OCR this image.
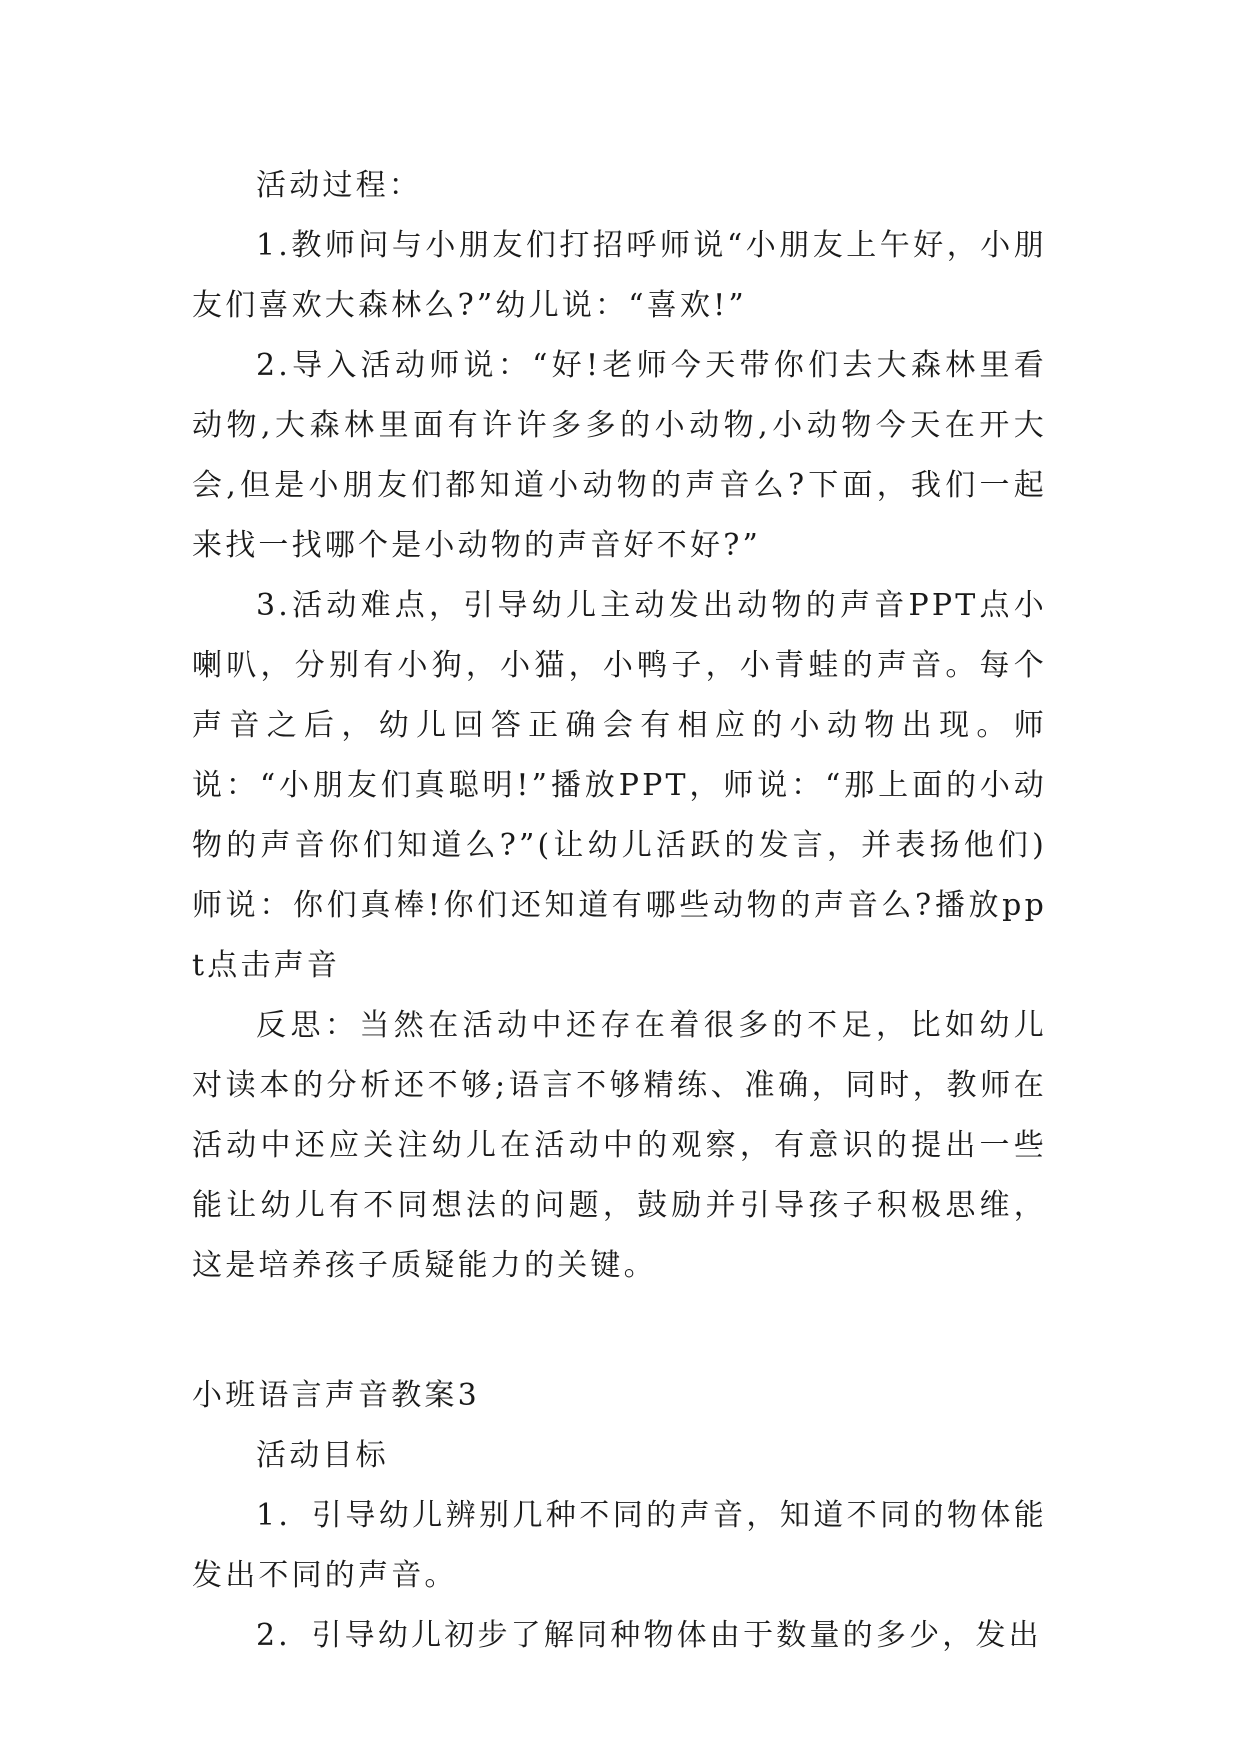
活动过程：

1.教师问与小朋友们打招呼师说“小朋友上午好，小朋友们喜欢大森林么?”幼儿说：“喜欢!”

2.导入活动师说：“好!老师今天带你们去大森林里看动物,大森林里面有许许多多的小动物,小动物今天在开大会,但是小朋友们都知道小动物的声音么?下面，我们一起来找一找哪个是小动物的声音好不好?”

3.活动难点，引导幼儿主动发出动物的声音PPT点小喇叭，分别有小狗，小猫，小鸭子，小青蛙的声音。每个声音之后，幼儿回答正确会有相应的小动物出现。师说：“小朋友们真聪明!”播放PPT，师说：“那上面的小动物的声音你们知道么?”(让幼儿活跃的发言，并表扬他们)师说：你们真棒!你们还知道有哪些动物的声音么?播放ppt点击声音

反思：当然在活动中还存在着很多的不足，比如幼儿对读本的分析还不够;语言不够精练、准确，同时，教师在活动中还应关注幼儿在活动中的观察，有意识的提出一些能让幼儿有不同想法的问题，鼓励并引导孩子积极思维，这是培养孩子质疑能力的关键。

小班语言声音教案3

活动目标

1．引导幼儿辨别几种不同的声音，知道不同的物体能发出不同的声音。

2．引导幼儿初步了解同种物体由于数量的多少，发出
